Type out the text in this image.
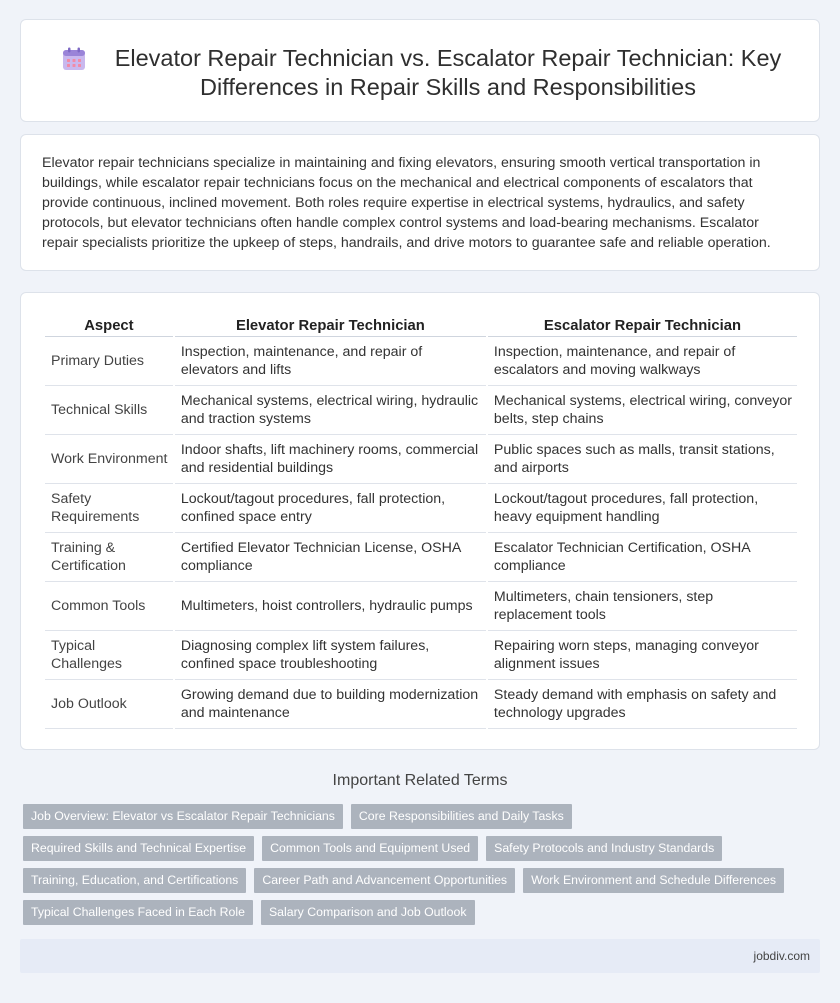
Elevator Repair Technician vs. Escalator Repair Technician: Key Differences in Repair Skills and Responsibilities

Elevator repair technicians specialize in maintaining and fixing elevators, ensuring smooth vertical transportation in buildings, while escalator repair technicians focus on the mechanical and electrical components of escalators that provide continuous, inclined movement. Both roles require expertise in electrical systems, hydraulics, and safety protocols, but elevator technicians often handle complex control systems and load-bearing mechanisms. Escalator repair specialists prioritize the upkeep of steps, handrails, and drive motors to guarantee safe and reliable operation.

Aspect	Elevator Repair Technician	Escalator Repair Technician
Primary Duties	Inspection, maintenance, and repair of elevators and lifts	Inspection, maintenance, and repair of escalators and moving walkways
Technical Skills	Mechanical systems, electrical wiring, hydraulic and traction systems	Mechanical systems, electrical wiring, conveyor belts, step chains
Work Environment	Indoor shafts, lift machinery rooms, commercial and residential buildings	Public spaces such as malls, transit stations, and airports
Safety Requirements	Lockout/tagout procedures, fall protection, confined space entry	Lockout/tagout procedures, fall protection, heavy equipment handling
Training & Certification	Certified Elevator Technician License, OSHA compliance	Escalator Technician Certification, OSHA compliance
Common Tools	Multimeters, hoist controllers, hydraulic pumps	Multimeters, chain tensioners, step replacement tools
Typical Challenges	Diagnosing complex lift system failures, confined space troubleshooting	Repairing worn steps, managing conveyor alignment issues
Job Outlook	Growing demand due to building modernization and maintenance	Steady demand with emphasis on safety and technology upgrades
Important Related Terms
Job Overview: Elevator vs Escalator Repair Technicians	Core Responsibilities and Daily Tasks
Required Skills and Technical Expertise	Common Tools and Equipment Used	Safety Protocols and Industry Standards
Training, Education, and Certifications	Career Path and Advancement Opportunities	Work Environment and Schedule Differences
Typical Challenges Faced in Each Role	Salary Comparison and Job Outlook
jobdiv.com
